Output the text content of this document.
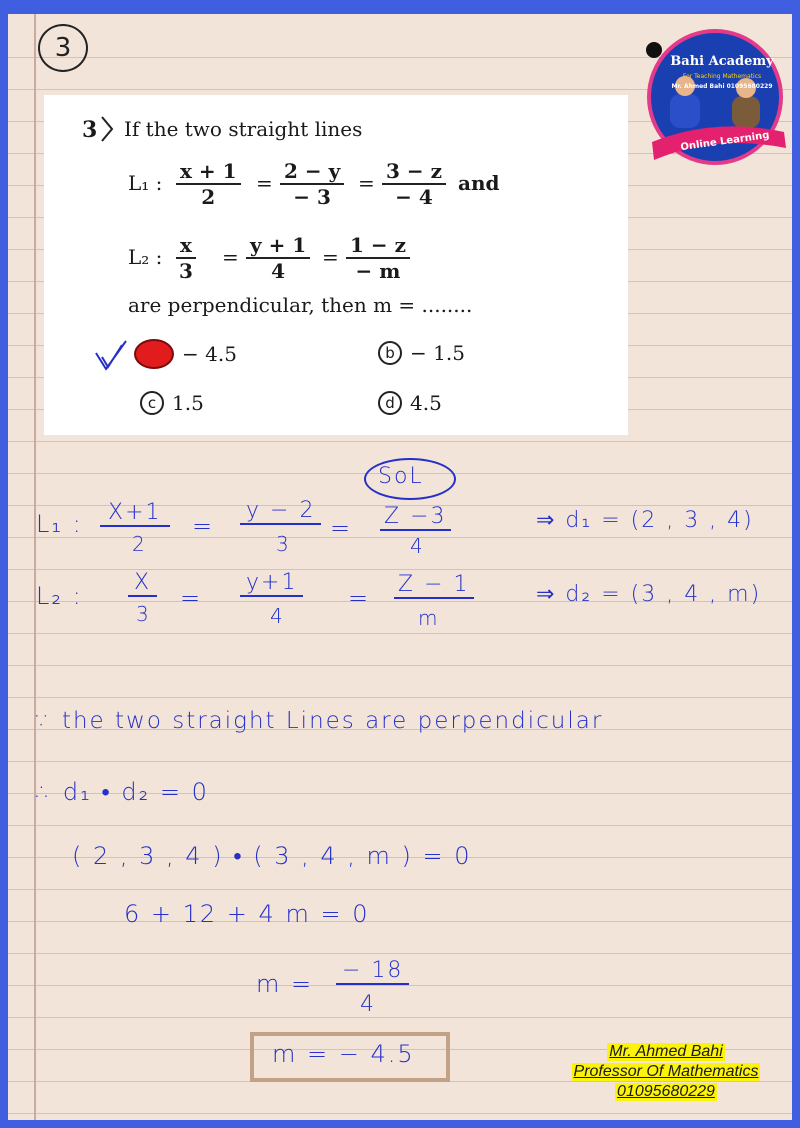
3	Bahi Academy
For Teaching Mathematics
Mr. Ahmed Bahi 01095680229
Online Learning
3 If the two straight lines
L₁ : $\frac{x + 1}{2} = \frac{2 - y}{- 3} = \frac{3 - z}{- 4}$ and
L₂ : $\frac{x}{3} = \frac{y + 1}{4} = \frac{1 - z}{- m}$
are perpendicular, then m = ........
− 4.5	b − 1.5
c 1.5	d 4.5
SoL
L₁ :	X+1
2
=
y − 2
3
= Z −3
4
⇒ d₁ = (2 , 3 , 4)
L₂ : X
3
=
y+1
4
= Z − 1
m
⇒ d₂ = (3 , 4 , m)
∵ the two straight Lines are perpendicular
∴ d₁ • d₂ = 0
( 2 , 3 , 4 ) • ( 3 , 4 , m ) = 0
6 + 12 + 4 m = 0
m = − 18
4
m = − 4.5	Mr. Ahmed Bahi
Professor Of Mathematics
01095680229
